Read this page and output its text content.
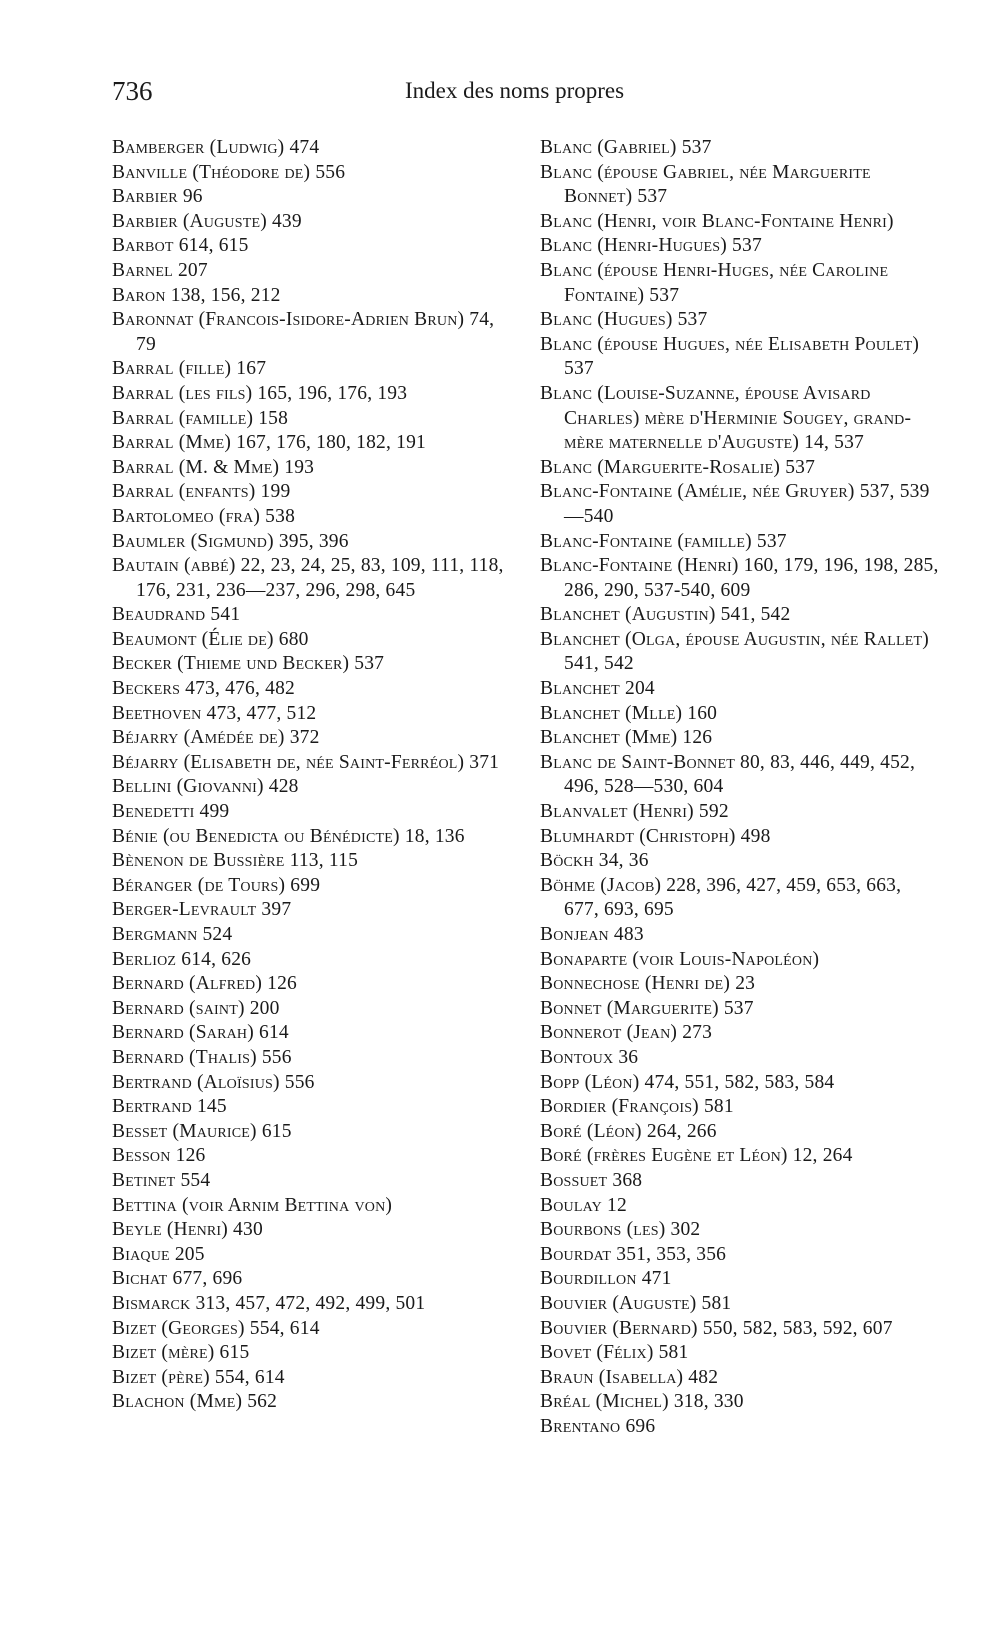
736	Index des noms propres
Bamberger (Ludwig) 474
Banville (Théodore de) 556
Barbier 96
Barbier (Auguste) 439
Barbot 614, 615
Barnel 207
Baron 138, 156, 212
Baronnat (Francois-Isidore-Adrien Brun) 74, 79
Barral (fille) 167
Barral (les fils) 165, 196, 176, 193
Barral (famille) 158
Barral (Mme) 167, 176, 180, 182, 191
Barral (M. & Mme) 193
Barral (enfants) 199
Bartolomeo (fra) 538
Baumler (Sigmund) 395, 396
Bautain (abbé) 22, 23, 24, 25, 83, 109, 111, 118, 176, 231, 236—237, 296, 298, 645
Beaudrand 541
Beaumont (Élie de) 680
Becker (Thieme und Becker) 537
Beckers 473, 476, 482
Beethoven 473, 477, 512
Béjarry (Amédée de) 372
Béjarry (Elisabeth de, née Saint-Ferréol) 371
Bellini (Giovanni) 428
Benedetti 499
Bénie (ou Benedicta ou Bénédicte) 18, 136
Bènenon de Bussière 113, 115
Béranger (de Tours) 699
Berger-Levrault 397
Bergmann 524
Berlioz 614, 626
Bernard (Alfred) 126
Bernard (saint) 200
Bernard (Sarah) 614
Bernard (Thalis) 556
Bertrand (Aloïsius) 556
Bertrand 145
Besset (Maurice) 615
Besson 126
Betinet 554
Bettina (voir Arnim Bettina von)
Beyle (Henri) 430
Biaque 205
Bichat 677, 696
Bismarck 313, 457, 472, 492, 499, 501
Bizet (Georges) 554, 614
Bizet (mère) 615
Bizet (père) 554, 614
Blachon (Mme) 562
Blanc (Gabriel) 537
Blanc (épouse Gabriel, née Marguerite Bonnet) 537
Blanc (Henri, voir Blanc-Fontaine Henri)
Blanc (Henri-Hugues) 537
Blanc (épouse Henri-Huges, née Caroline Fontaine) 537
Blanc (Hugues) 537
Blanc (épouse Hugues, née Elisabeth Poulet) 537
Blanc (Louise-Suzanne, épouse Avisard Charles) mère d'Herminie Sougey, grand-mère maternelle d'Auguste) 14, 537
Blanc (Marguerite-Rosalie) 537
Blanc-Fontaine (Amélie, née Gruyer) 537, 539—540
Blanc-Fontaine (famille) 537
Blanc-Fontaine (Henri) 160, 179, 196, 198, 285, 286, 290, 537-540, 609
Blanchet (Augustin) 541, 542
Blanchet (Olga, épouse Augustin, née Rallet) 541, 542
Blanchet 204
Blanchet (Mlle) 160
Blanchet (Mme) 126
Blanc de Saint-Bonnet 80, 83, 446, 449, 452, 496, 528—530, 604
Blanvalet (Henri) 592
Blumhardt (Christoph) 498
Böckh 34, 36
Böhme (Jacob) 228, 396, 427, 459, 653, 663, 677, 693, 695
Bonjean 483
Bonaparte (voir Louis-Napoléon)
Bonnechose (Henri de) 23
Bonnet (Marguerite) 537
Bonnerot (Jean) 273
Bontoux 36
Bopp (Léon) 474, 551, 582, 583, 584
Bordier (François) 581
Boré (Léon) 264, 266
Boré (frères Eugène et Léon) 12, 264
Bossuet 368
Boulay 12
Bourbons (les) 302
Bourdat 351, 353, 356
Bourdillon 471
Bouvier (Auguste) 581
Bouvier (Bernard) 550, 582, 583, 592, 607
Bovet (Félix) 581
Braun (Isabella) 482
Bréal (Michel) 318, 330
Brentano 696
